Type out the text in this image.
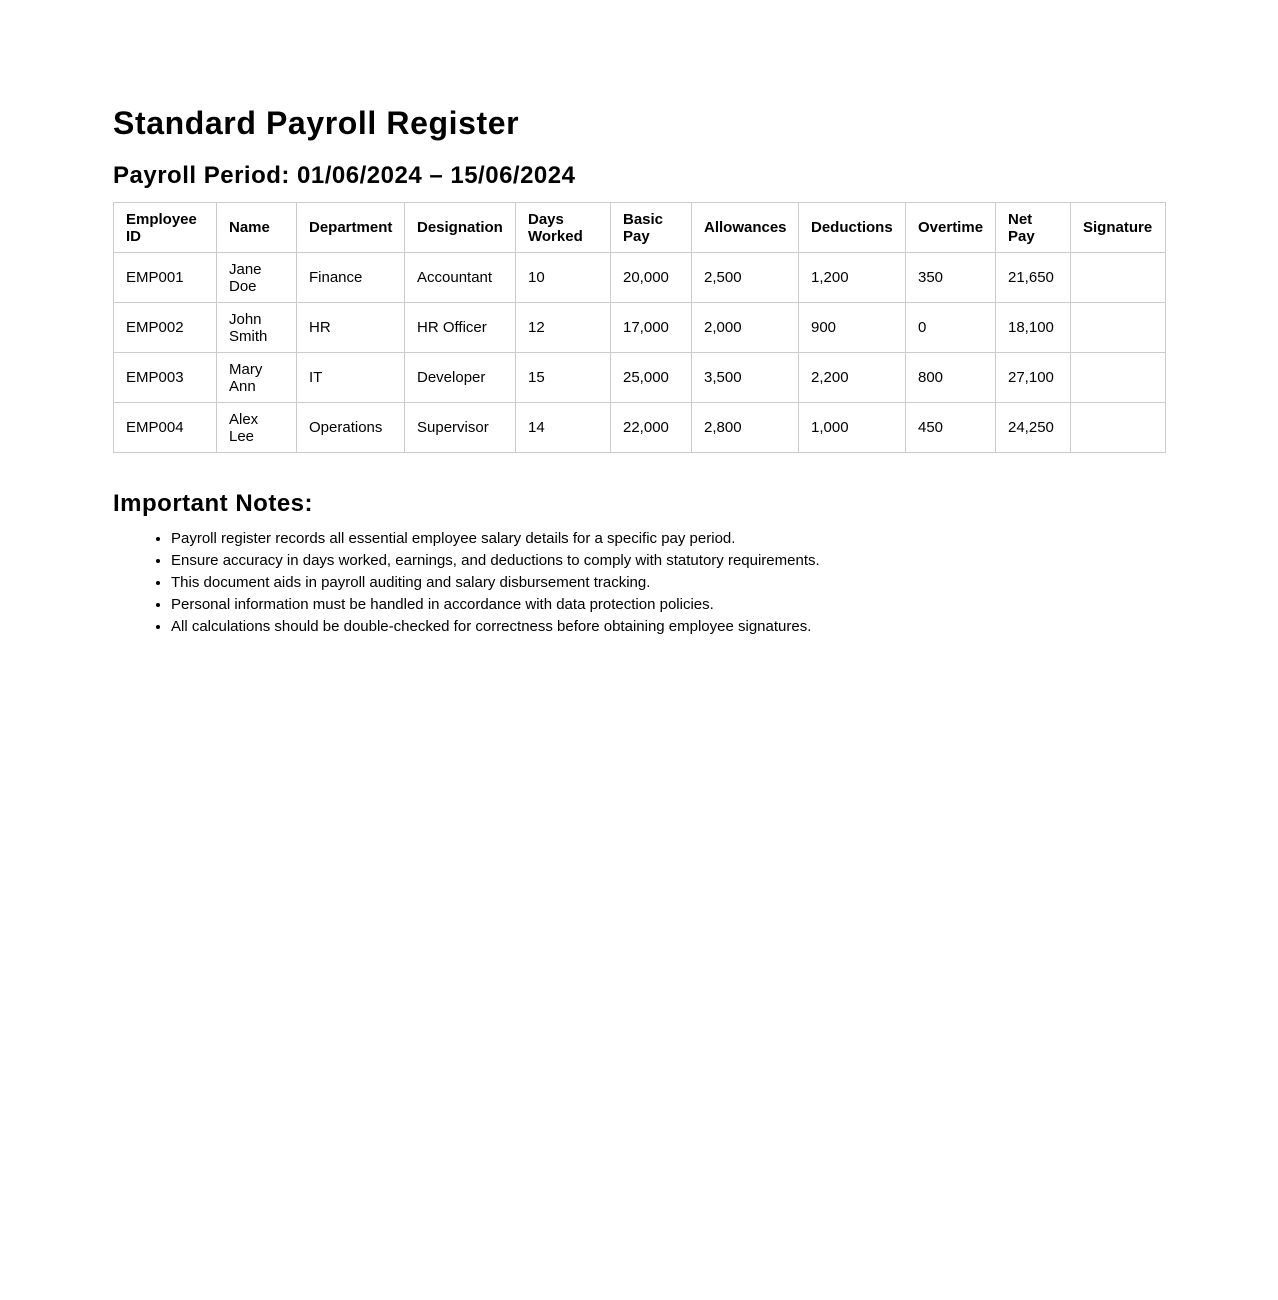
Standard Payroll Register
Payroll Period: 01/06/2024 – 15/06/2024
Employee ID	Name	Department	Designation	Days Worked	Basic Pay	Allowances	Deductions	Overtime	Net Pay	Signature
EMP001	Jane Doe	Finance	Accountant	10	20,000	2,500	1,200	350	21,650	
EMP002	John Smith	HR	HR Officer	12	17,000	2,000	900	0	18,100	
EMP003	Mary Ann	IT	Developer	15	25,000	3,500	2,200	800	27,100	
EMP004	Alex Lee	Operations	Supervisor	14	22,000	2,800	1,000	450	24,250	
Important Notes:
• Payroll register records all essential employee salary details for a specific pay period.
• Ensure accuracy in days worked, earnings, and deductions to comply with statutory requirements.
• This document aids in payroll auditing and salary disbursement tracking.
• Personal information must be handled in accordance with data protection policies.
• All calculations should be double-checked for correctness before obtaining employee signatures.
